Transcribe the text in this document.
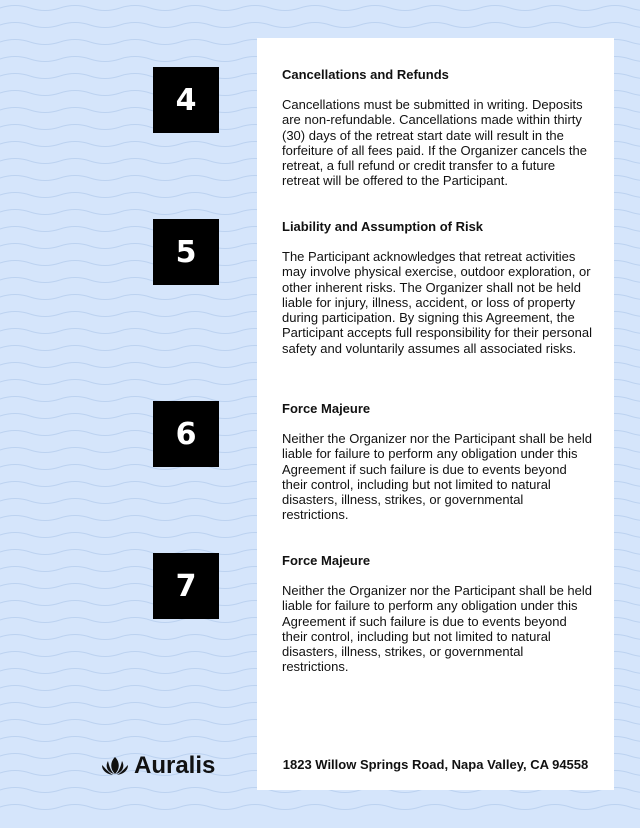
4
Cancellations and Refunds

Cancellations must be submitted in writing. Deposits are non-refundable. Cancellations made within thirty (30) days of the retreat start date will result in the forfeiture of all fees paid. If the Organizer cancels the retreat, a full refund or credit transfer to a future retreat will be offered to the Participant.

5
Liability and Assumption of Risk

The Participant acknowledges that retreat activities may involve physical exercise, outdoor exploration, or other inherent risks. The Organizer shall not be held liable for injury, illness, accident, or loss of property during participation. By signing this Agreement, the Participant accepts full responsibility for their personal safety and voluntarily assumes all associated risks.

6
Force Majeure

Neither the Organizer nor the Participant shall be held liable for failure to perform any obligation under this Agreement if such failure is due to events beyond their control, including but not limited to natural disasters, illness, strikes, or governmental restrictions.

7
Force Majeure

Neither the Organizer nor the Participant shall be held liable for failure to perform any obligation under this Agreement if such failure is due to events beyond their control, including but not limited to natural disasters, illness, strikes, or governmental restrictions.

Auralis	1823 Willow Springs Road, Napa Valley, CA 94558
